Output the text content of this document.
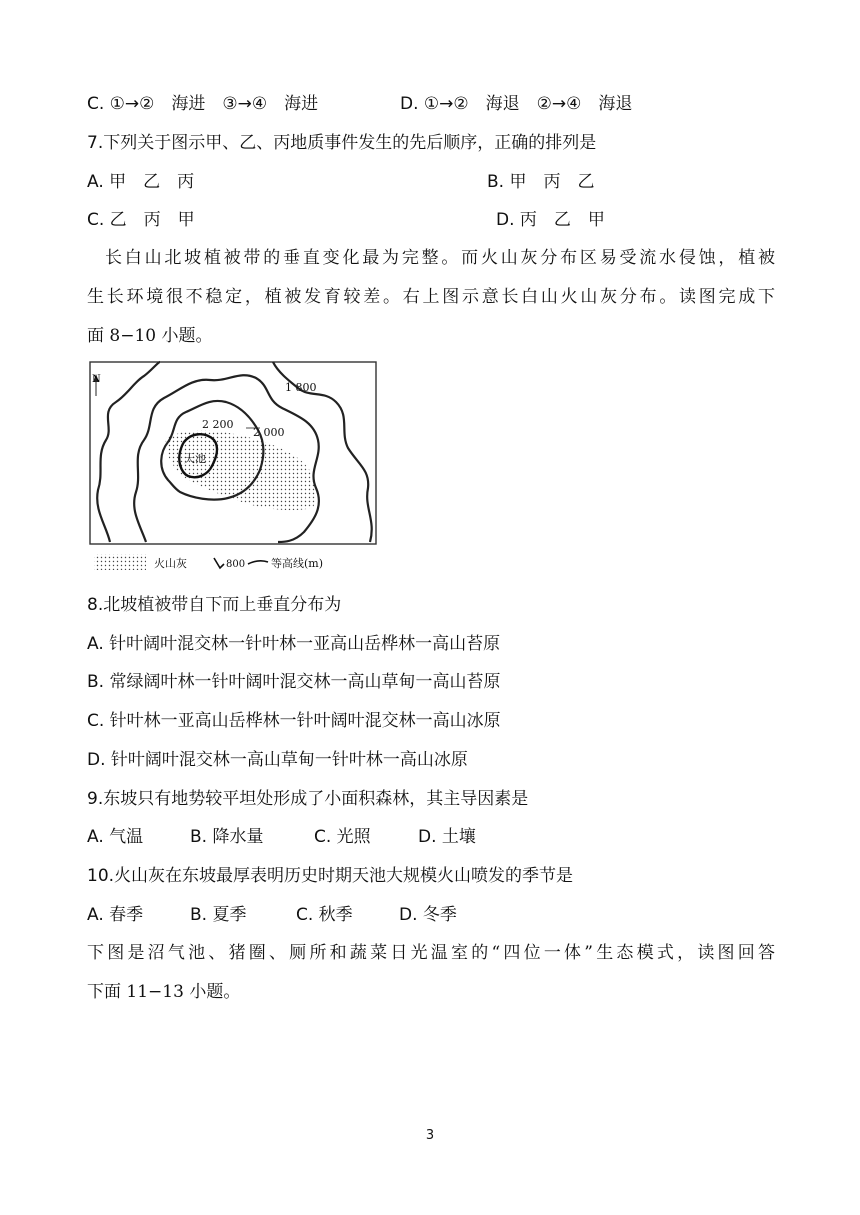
C. ①→②　海进　③→④　海进	D. ①→②　海退　②→④　海退
7.下列关于图示甲、乙、丙地质事件发生的先后顺序，正确的排列是
A. 甲　乙　丙	B. 甲　丙　乙
C. 乙　丙　甲	D. 丙　乙　甲
长白山北坡植被带的垂直变化最为完整。而火山灰分布区易受流水侵蚀，植被
生长环境很不稳定，植被发育较差。右上图示意长白山火山灰分布。读图完成下
面 8−10 小题。
N
天池
1 800
2 200
2 000
火山灰	800 等高线(m)
8.北坡植被带自下而上垂直分布为
A. 针叶阔叶混交林一针叶林一亚高山岳桦林一高山苔原
B. 常绿阔叶林一针叶阔叶混交林一高山草甸一高山苔原
C. 针叶林一亚高山岳桦林一针叶阔叶混交林一高山冰原
D. 针叶阔叶混交林一高山草甸一针叶林一高山冰原
9.东坡只有地势较平坦处形成了小面积森林，其主导因素是
A. 气温	B. 降水量	C. 光照	D. 土壤
10.火山灰在东坡最厚表明历史时期天池大规模火山喷发的季节是
A. 春季	B. 夏季	C. 秋季	D. 冬季
下图是沼气池、猪圈、厕所和蔬菜日光温室的“四位一体”生态模式，读图回答
下面 11−13 小题。
3
